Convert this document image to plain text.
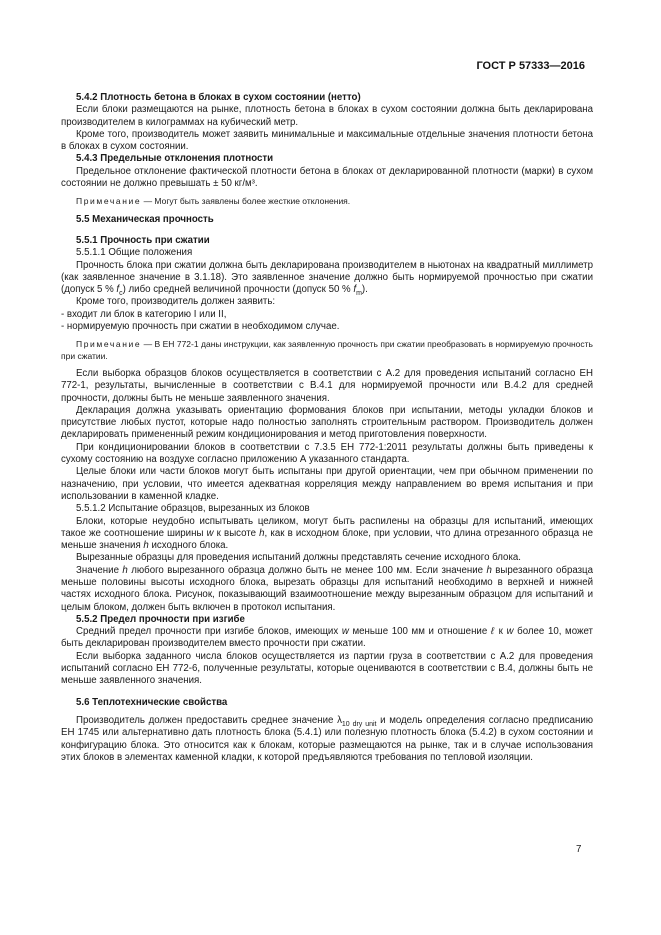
ГОСТ Р 57333—2016

5.4.2 Плотность бетона в блоках в сухом состоянии (нетто)

Если блоки размещаются на рынке, плотность бетона в блоках в сухом состоянии должна быть декларирована производителем в килограммах на кубический метр.

Кроме того, производитель может заявить минимальные и максимальные отдельные значения плотности бетона в блоках в сухом состоянии.

5.4.3 Предельные отклонения плотности

Предельное отклонение фактической плотности бетона в блоках от декларированной плотности (марки) в сухом состоянии не должно превышать ± 50 кг/м³.

Примечание — Могут быть заявлены более жесткие отклонения.

5.5 Механическая прочность

5.5.1 Прочность при сжатии

5.5.1.1 Общие положения

Прочность блока при сжатии должна быть декларирована производителем в ньютонах на квадратный миллиметр (как заявленное значение в 3.1.18). Это заявленное значение должно быть нормируемой прочностью при сжатии (допуск 5 % $f_c$) либо средней величиной прочности (допуск 50 % $f_m$).

Кроме того, производитель должен заявить:

- входит ли блок в категорию I или II,

- нормируемую прочность при сжатии в необходимом случае.

Примечание — В ЕН 772-1 даны инструкции, как заявленную прочность при сжатии преобразовать в нормируемую прочность при сжатии.

Если выборка образцов блоков осуществляется в соответствии с А.2 для проведения испытаний согласно ЕН 772-1, результаты, вычисленные в соответствии с В.4.1 для нормируемой прочности или В.4.2 для средней прочности, должны быть не меньше заявленного значения.

Декларация должна указывать ориентацию формования блоков при испытании, методы укладки блоков и присутствие любых пустот, которые надо полностью заполнять строительным раствором. Производитель должен декларировать примененный режим кондиционирования и метод приготовления поверхности.

При кондиционировании блоков в соответствии с 7.3.5 ЕН 772-1:2011 результаты должны быть приведены к сухому состоянию на воздухе согласно приложению А указанного стандарта.

Целые блоки или части блоков могут быть испытаны при другой ориентации, чем при обычном применении по назначению, при условии, что имеется адекватная корреляция между направлением во время испытания и при использовании в каменной кладке.

5.5.1.2 Испытание образцов, вырезанных из блоков

Блоки, которые неудобно испытывать целиком, могут быть распилены на образцы для испытаний, имеющих такое же соотношение ширины w к высоте h, как в исходном блоке, при условии, что длина отрезанного образца не меньше значения h исходного блока.

Вырезанные образцы для проведения испытаний должны представлять сечение исходного блока.

Значение h любого вырезанного образца должно быть не менее 100 мм. Если значение h вырезанного образца меньше половины высоты исходного блока, вырезать образцы для испытаний необходимо в верхней и нижней частях исходного блока. Рисунок, показывающий взаимоотношение между вырезанным образцом для испытаний и целым блоком, должен быть включен в протокол испытания.

5.5.2 Предел прочности при изгибе

Средний предел прочности при изгибе блоков, имеющих w меньше 100 мм и отношение ℓ к w более 10, может быть декларирован производителем вместо прочности при сжатии.

Если выборка заданного числа блоков осуществляется из партии груза в соответствии с А.2 для проведения испытаний согласно ЕН 772-6, полученные результаты, которые оцениваются в соответствии с В.4, должны быть не меньше заявленного значения.

5.6 Теплотехнические свойства

Производитель должен предоставить среднее значение $\lambda_{10 dry unit}$ и модель определения согласно предписанию ЕН 1745 или альтернативно дать плотность блока (5.4.1) или полезную плотность блока (5.4.2) в сухом состоянии и конфигурацию блока. Это относится как к блокам, которые размещаются на рынке, так и в случае использования этих блоков в элементах каменной кладки, к которой предъявляются требования по тепловой изоляции.

7
